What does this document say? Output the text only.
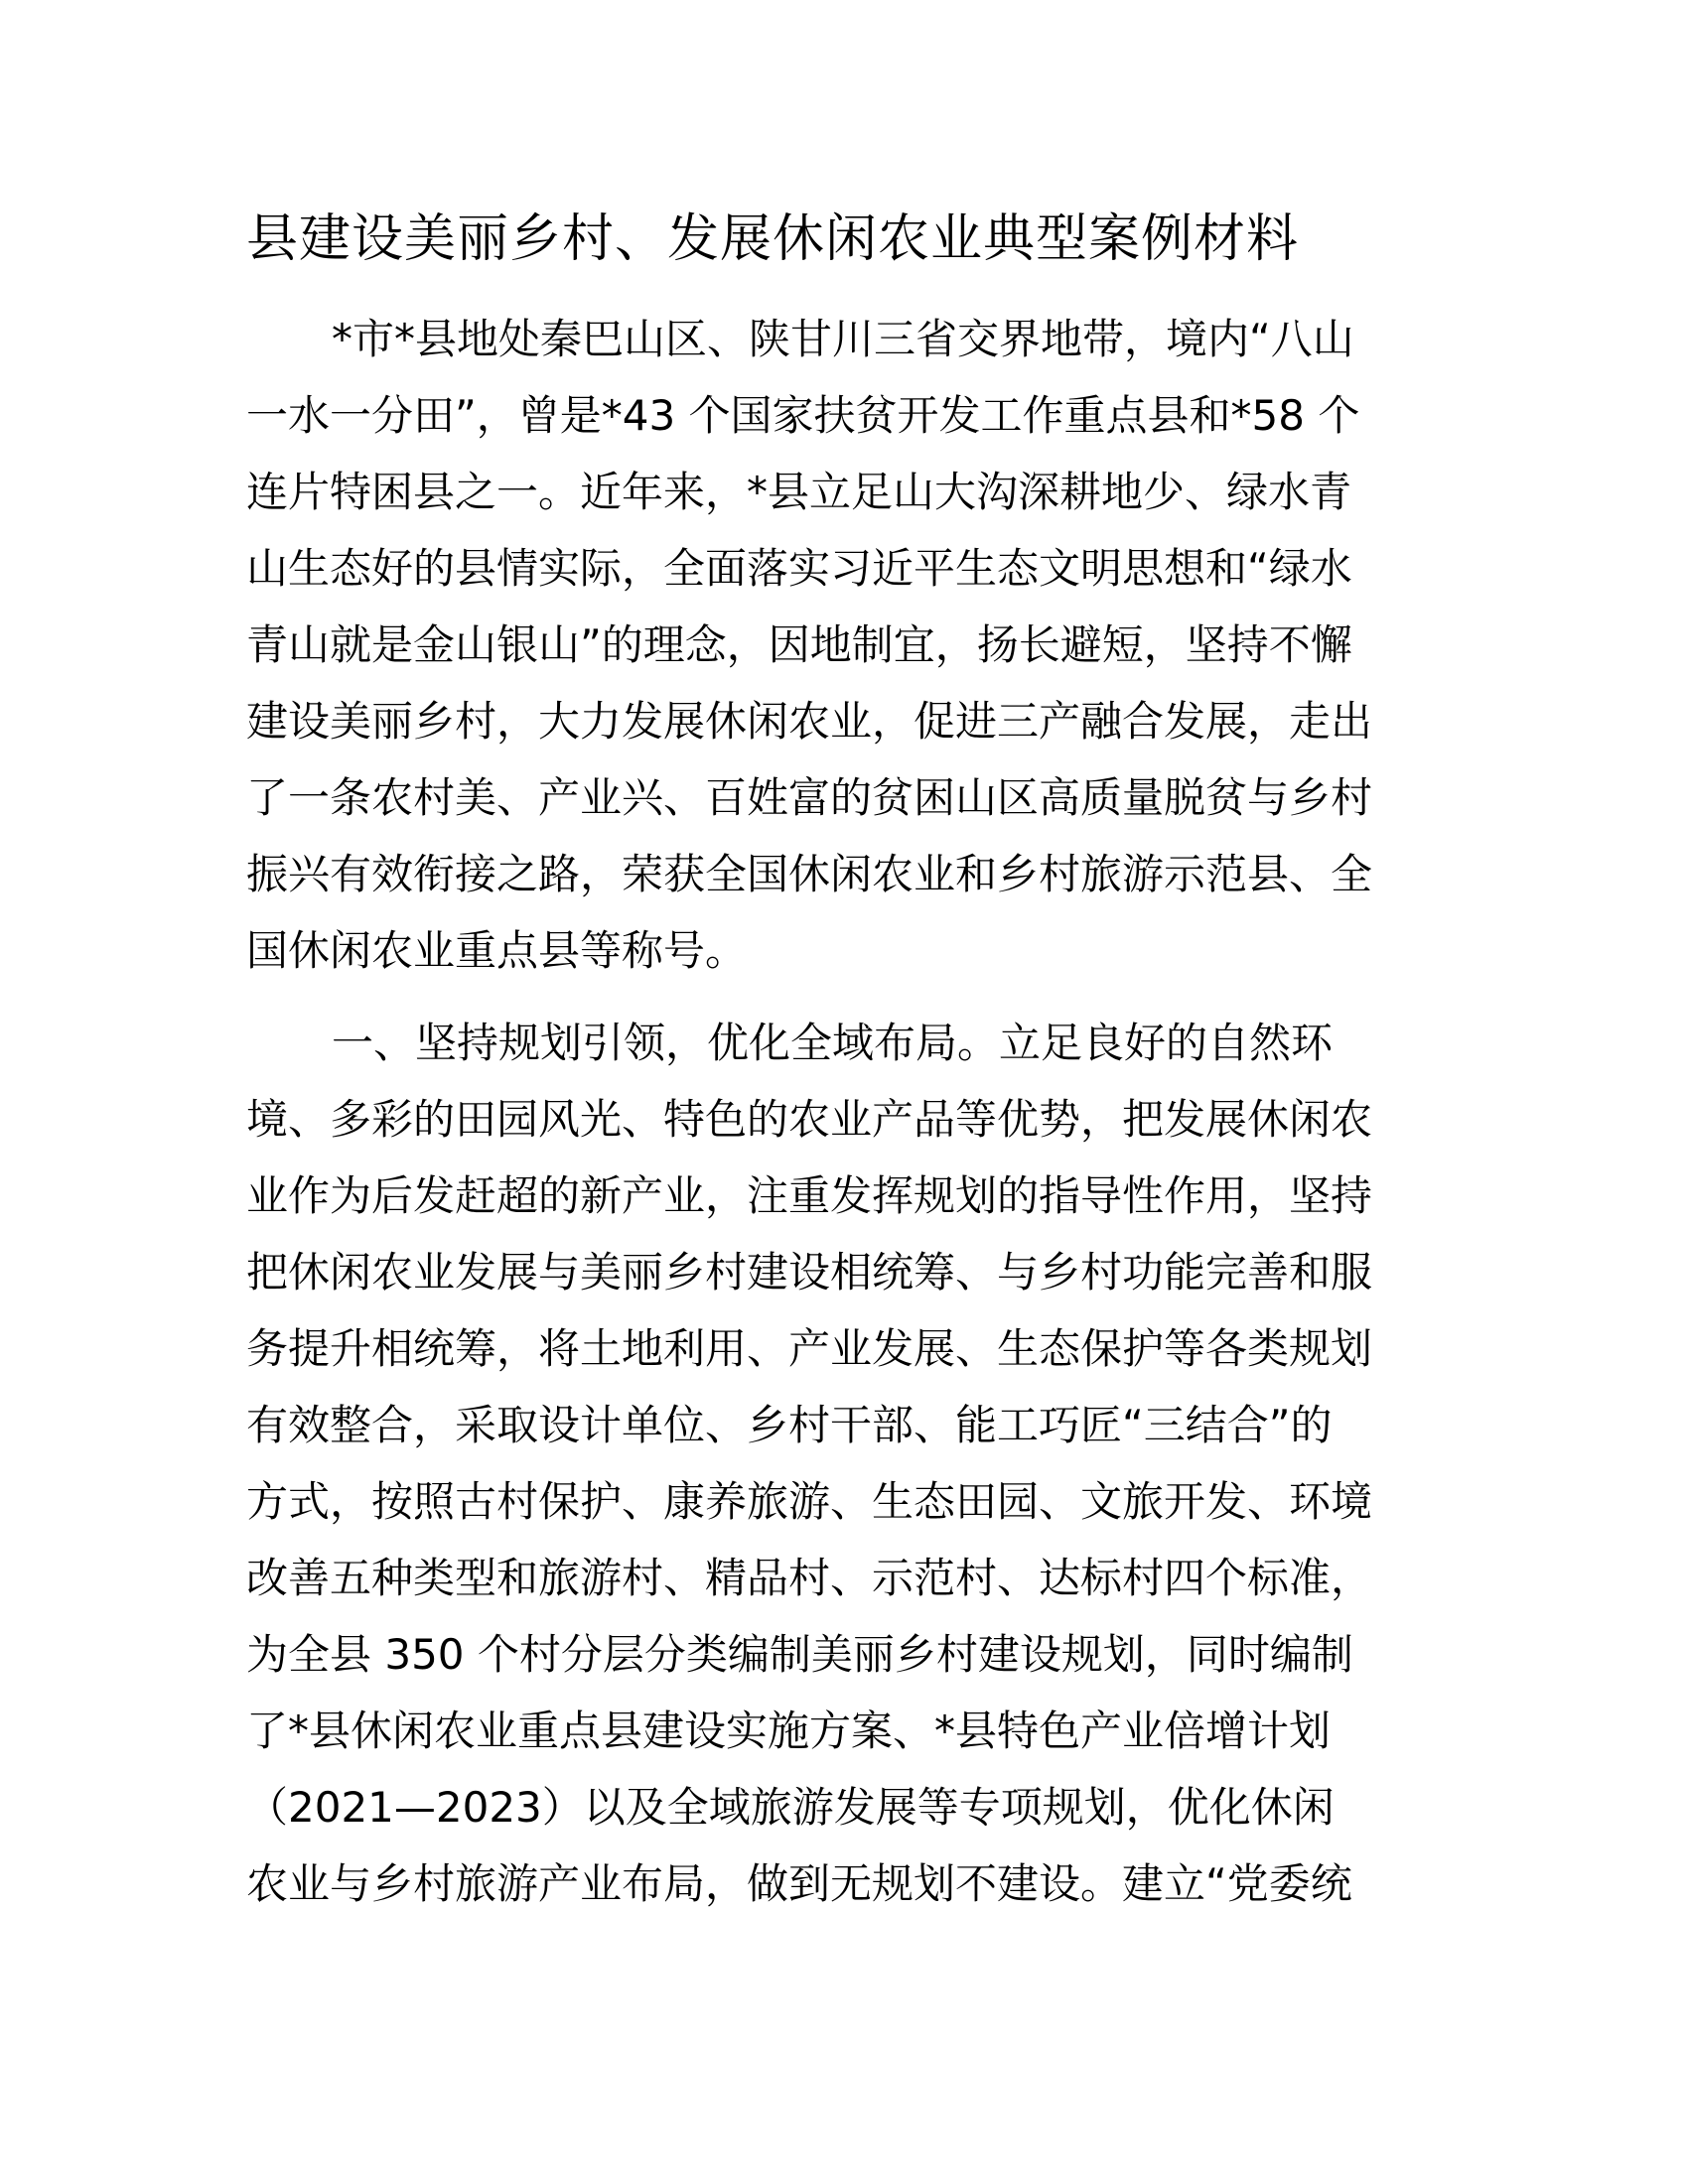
县建设美丽乡村、发展休闲农业典型案例材料
*市*县地处秦巴山区、陕甘川三省交界地带，境内“八山
一水一分田”，曾是*43 个国家扶贫开发工作重点县和*58 个
连片特困县之一。近年来，*县立足山大沟深耕地少、绿水青
山生态好的县情实际，全面落实习近平生态文明思想和“绿水
青山就是金山银山”的理念，因地制宜，扬长避短，坚持不懈
建设美丽乡村，大力发展休闲农业，促进三产融合发展，走出
了一条农村美、产业兴、百姓富的贫困山区高质量脱贫与乡村
振兴有效衔接之路，荣获全国休闲农业和乡村旅游示范县、全
国休闲农业重点县等称号。
一、坚持规划引领，优化全域布局。立足良好的自然环
境、多彩的田园风光、特色的农业产品等优势，把发展休闲农
业作为后发赶超的新产业，注重发挥规划的指导性作用，坚持
把休闲农业发展与美丽乡村建设相统筹、与乡村功能完善和服
务提升相统筹，将土地利用、产业发展、生态保护等各类规划
有效整合，采取设计单位、乡村干部、能工巧匠“三结合”的
方式，按照古村保护、康养旅游、生态田园、文旅开发、环境
改善五种类型和旅游村、精品村、示范村、达标村四个标准，
为全县 350 个村分层分类编制美丽乡村建设规划，同时编制
了*县休闲农业重点县建设实施方案、*县特色产业倍增计划
（2021—2023）以及全域旅游发展等专项规划，优化休闲
农业与乡村旅游产业布局，做到无规划不建设。建立“党委统
